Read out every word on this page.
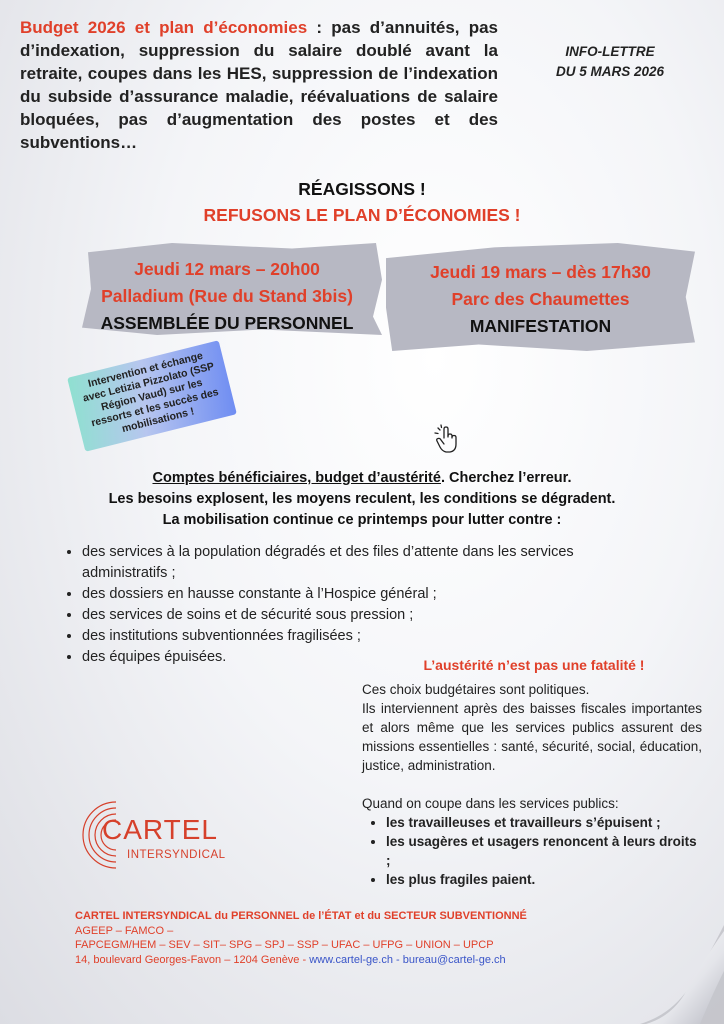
Budget 2026 et plan d’économies : pas d’annuités, pas d’indexation, suppression du salaire doublé avant la retraite, coupes dans les HES, suppression de l’indexation du subside d’assurance maladie, réévaluations de salaire bloquées, pas d’augmentation des postes et des subventions…

INFO-LETTRE
DU 5 MARS 2026
RÉAGISSONS !
REFUSONS LE PLAN D’ÉCONOMIES !
Jeudi 12 mars – 20h00
Palladium (Rue du Stand 3bis)
ASSEMBLÉE DU PERSONNEL
Jeudi 19 mars – dès 17h30
Parc des Chaumettes
MANIFESTATION
Intervention et échange avec Letizia Pizzolato (SSP Région Vaud) sur les ressorts et les succès des mobilisations !
Comptes bénéficiaires, budget d’austérité. Cherchez l’erreur.
Les besoins explosent, les moyens reculent, les conditions se dégradent.
La mobilisation continue ce printemps pour lutter contre :
• des services à la population dégradés et des files d’attente dans les services administratifs ;
• des dossiers en hausse constante à l’Hospice général ;
• des services de soins et de sécurité sous pression ;
• des institutions subventionnées fragilisées ;
• des équipes épuisées.	L’austérité n’est pas une fatalité !

Ces choix budgétaires sont politiques.

Ils interviennent après des baisses fiscales importantes et alors même que les services publics assurent des missions essentielles : santé, sécurité, social, éducation, justice, administration.

Quand on coupe dans les services publics:

• les travailleuses et travailleurs s’épuisent ;
• les usagères et usagers renoncent à leurs droits ;
• les plus fragiles paient.
CARTEL
INTERSYNDICAL
CARTEL INTERSYNDICAL du PERSONNEL de l’ÉTAT et du SECTEUR SUBVENTIONNÉ
AGEEP – FAMCO –
FAPCEGM/HEM – SEV – SIT– SPG – SPJ – SSP – UFAC – UFPG – UNION – UPCP
14, boulevard Georges-Favon – 1204 Genève - www.cartel-ge.ch - bureau@cartel-ge.ch
